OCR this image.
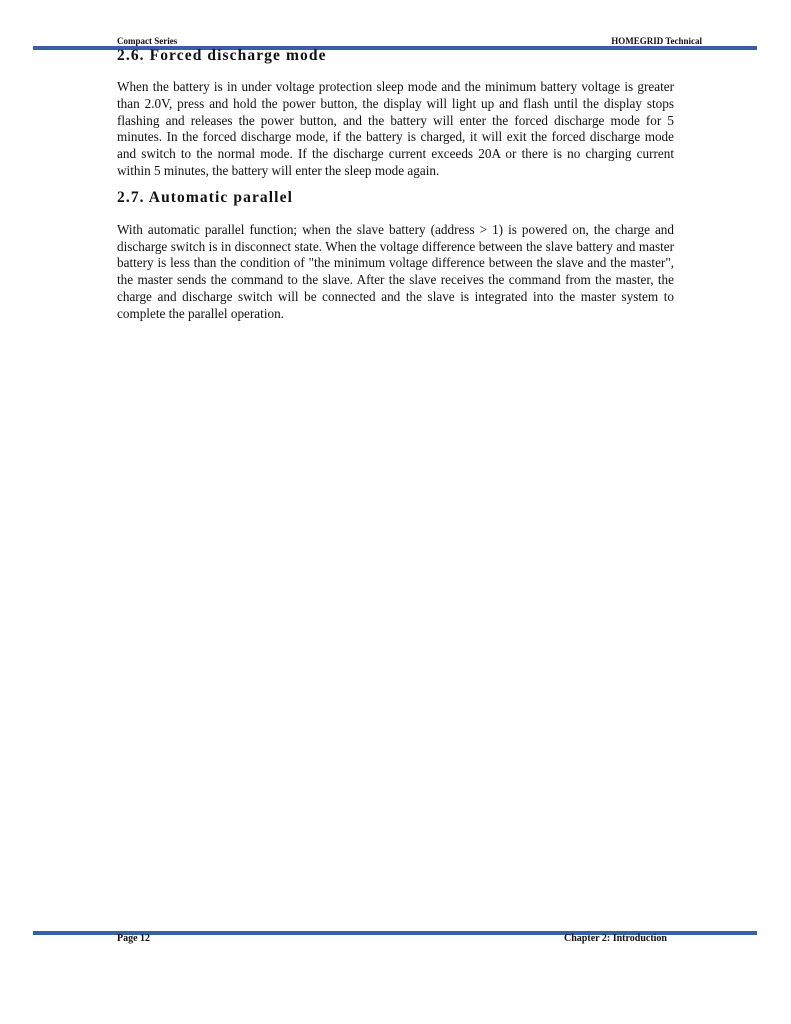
Compact Series	HOMEGRID Technical
2.6. Forced discharge mode

When the battery is in under voltage protection sleep mode and the minimum battery voltage is greater than 2.0V, press and hold the power button, the display will light up and flash until the display stops flashing and releases the power button, and the battery will enter the forced discharge mode for 5 minutes. In the forced discharge mode, if the battery is charged, it will exit the forced discharge mode and switch to the normal mode. If the discharge current exceeds 20A or there is no charging current within 5 minutes, the battery will enter the sleep mode again.

2.7. Automatic parallel

With automatic parallel function; when the slave battery (address > 1) is powered on, the charge and discharge switch is in disconnect state. When the voltage difference between the slave battery and master battery is less than the condition of "the minimum voltage difference between the slave and the master", the master sends the command to the slave. After the slave receives the command from the master, the charge and discharge switch will be connected and the slave is integrated into the master system to complete the parallel operation.

Page 12	Chapter 2: Introduction
